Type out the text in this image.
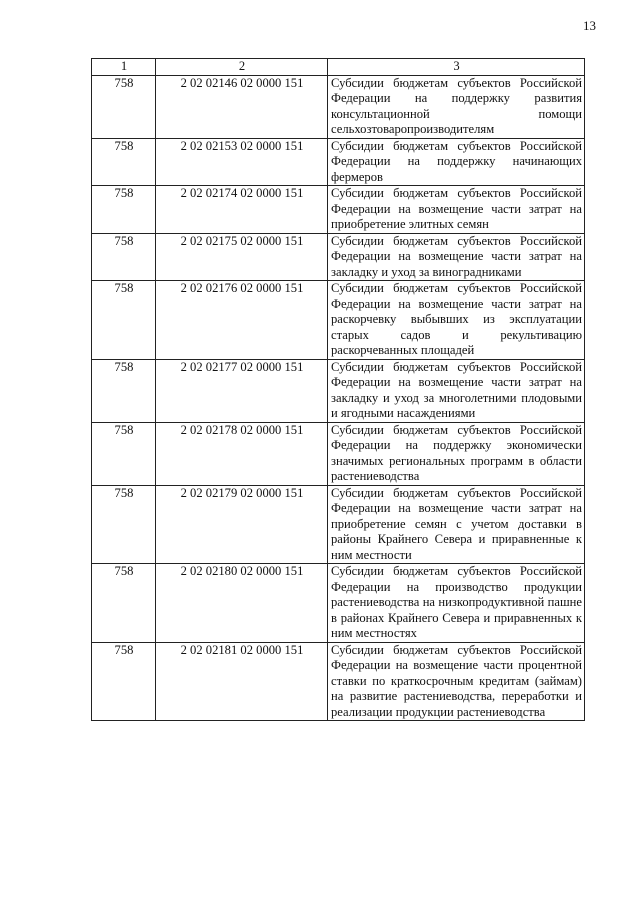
13
1	2	3
758	2 02 02146 02 0000 151	Субсидии бюджетам субъектов Российской Федерации на поддержку развития консультационной помощи сельхозтоваропроизводителям
758	2 02 02153 02 0000 151	Субсидии бюджетам субъектов Российской Федерации на поддержку начинающих фермеров
758	2 02 02174 02 0000 151	Субсидии бюджетам субъектов Российской Федерации на возмещение части затрат на приобретение элитных семян
758	2 02 02175 02 0000 151	Субсидии бюджетам субъектов Российской Федерации на возмещение части затрат на закладку и уход за виноградниками
758	2 02 02176 02 0000 151	Субсидии бюджетам субъектов Российской Федерации на возмещение части затрат на раскорчевку выбывших из эксплуатации старых садов и рекультивацию раскорчеванных площадей
758	2 02 02177 02 0000 151	Субсидии бюджетам субъектов Российской Федерации на возмещение части затрат на закладку и уход за многолетними плодовыми и ягодными насаждениями
758	2 02 02178 02 0000 151	Субсидии бюджетам субъектов Российской Федерации на поддержку экономически значимых региональных программ в области растениеводства
758	2 02 02179 02 0000 151	Субсидии бюджетам субъектов Российской Федерации на возмещение части затрат на приобретение семян с учетом доставки в районы Крайнего Севера и приравненные к ним местности
758	2 02 02180 02 0000 151	Субсидии бюджетам субъектов Российской Федерации на производство продукции растениеводства на низкопродуктивной пашне в районах Крайнего Севера и приравненных к ним местностях
758	2 02 02181 02 0000 151	Субсидии бюджетам субъектов Российской Федерации на возмещение части процентной ставки по краткосрочным кредитам (займам) на развитие растениеводства, переработки и реализации продукции растениеводства
